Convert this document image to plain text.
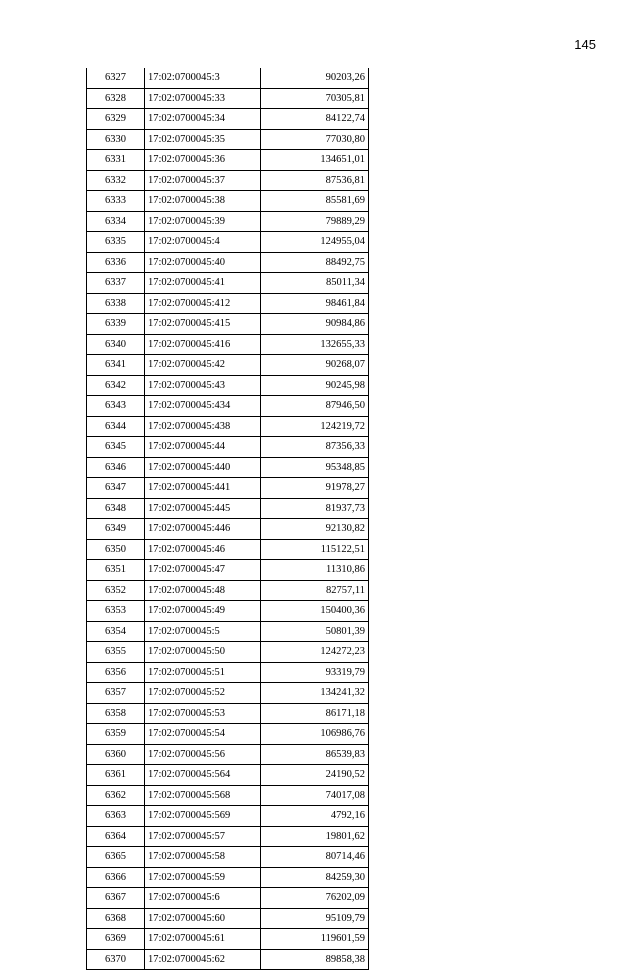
145
6327	17:02:0700045:3	90203,26
6328	17:02:0700045:33	70305,81
6329	17:02:0700045:34	84122,74
6330	17:02:0700045:35	77030,80
6331	17:02:0700045:36	134651,01
6332	17:02:0700045:37	87536,81
6333	17:02:0700045:38	85581,69
6334	17:02:0700045:39	79889,29
6335	17:02:0700045:4	124955,04
6336	17:02:0700045:40	88492,75
6337	17:02:0700045:41	85011,34
6338	17:02:0700045:412	98461,84
6339	17:02:0700045:415	90984,86
6340	17:02:0700045:416	132655,33
6341	17:02:0700045:42	90268,07
6342	17:02:0700045:43	90245,98
6343	17:02:0700045:434	87946,50
6344	17:02:0700045:438	124219,72
6345	17:02:0700045:44	87356,33
6346	17:02:0700045:440	95348,85
6347	17:02:0700045:441	91978,27
6348	17:02:0700045:445	81937,73
6349	17:02:0700045:446	92130,82
6350	17:02:0700045:46	115122,51
6351	17:02:0700045:47	11310,86
6352	17:02:0700045:48	82757,11
6353	17:02:0700045:49	150400,36
6354	17:02:0700045:5	50801,39
6355	17:02:0700045:50	124272,23
6356	17:02:0700045:51	93319,79
6357	17:02:0700045:52	134241,32
6358	17:02:0700045:53	86171,18
6359	17:02:0700045:54	106986,76
6360	17:02:0700045:56	86539,83
6361	17:02:0700045:564	24190,52
6362	17:02:0700045:568	74017,08
6363	17:02:0700045:569	4792,16
6364	17:02:0700045:57	19801,62
6365	17:02:0700045:58	80714,46
6366	17:02:0700045:59	84259,30
6367	17:02:0700045:6	76202,09
6368	17:02:0700045:60	95109,79
6369	17:02:0700045:61	119601,59
6370	17:02:0700045:62	89858,38
